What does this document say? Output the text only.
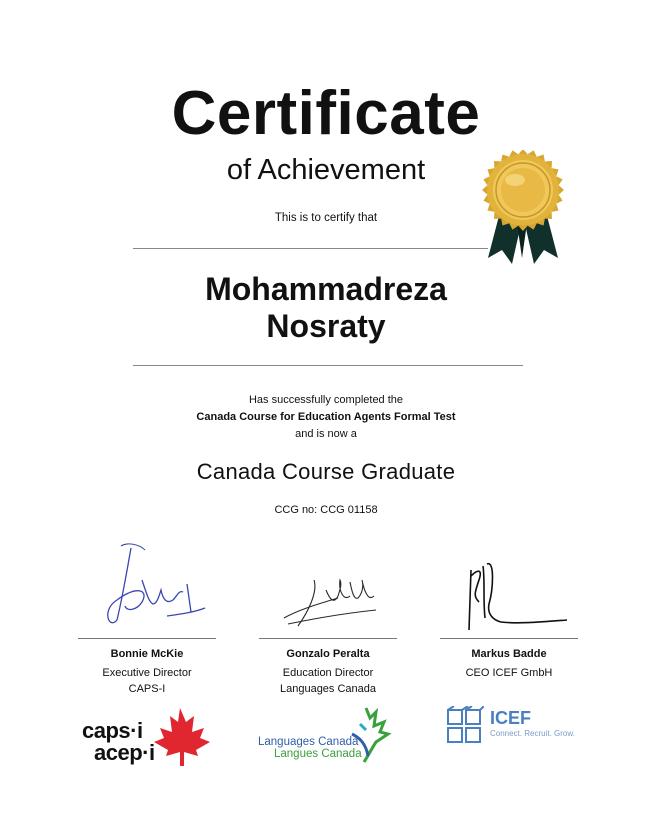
Certificate
of Achievement
This is to certify that
Mohammadreza
Nosraty
Has successfully completed the
Canada Course for Education Agents Formal Test
and is now a
Canada Course Graduate
CCG no: CCG 01158
Bonnie McKie
Executive Director
CAPS-I
Gonzalo Peralta
Education Director
Languages Canada
Markus Badde
CEO ICEF GmbH
caps·i
acep·i	Languages Canada
Langues Canada
ICEF
Connect. Recruit. Grow.
